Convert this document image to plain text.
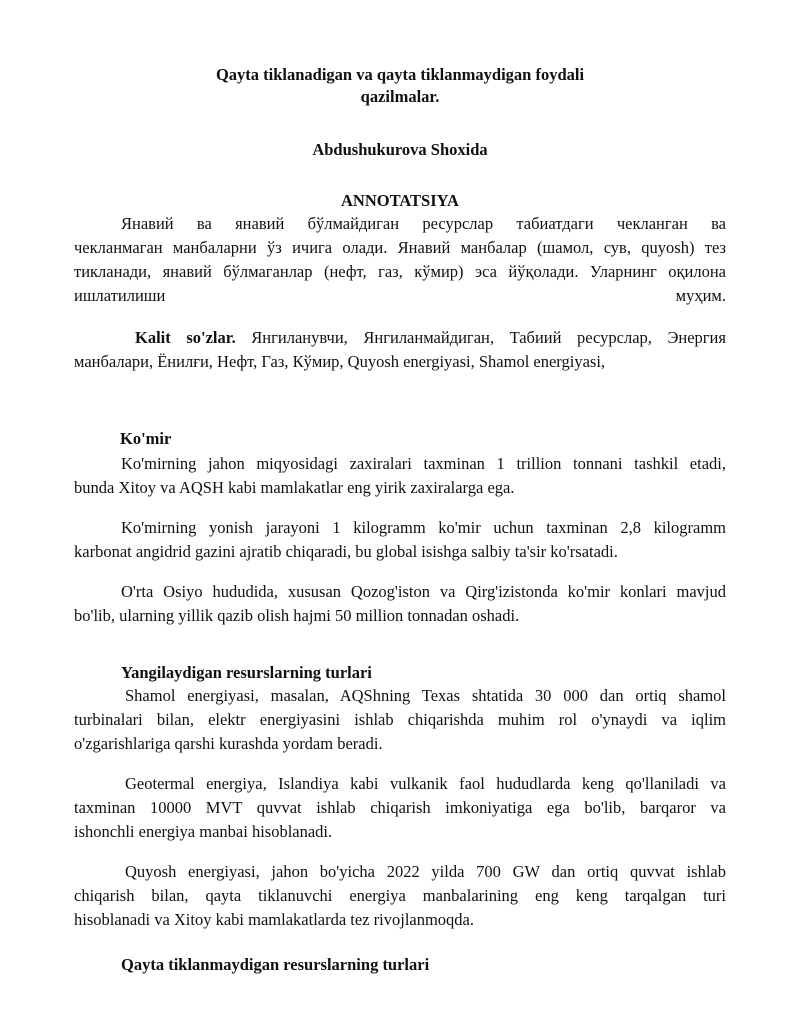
Qayta tiklanadigan va qayta tiklanmaydigan foydali
qazilmalar.
Abdushukurova Shoxida
ANNOTATSIYA
Янавий ва янавий бўлмайдиган ресурслар табиатдаги чекланган ва
чекланмаган манбаларни ўз ичига олади. Янавий манбалар (шамол, сув, quyosh) тез
тикланади, янавий бўлмаганлар (нефт, газ, кўмир) эса йўқолади. Уларнинг оқилона
ишлатилиши	муҳим.
Kalit so'zlar. Янгиланувчи, Янгиланмайдиган, Табиий ресурслар, Энергия
манбалари, Ёнилғи, Нефт, Газ, Кўмир, Quyosh energiyasi, Shamol energiyasi,
Ko'mir
Ko'mirning jahon miqyosidagi zaxiralari taxminan 1 trillion tonnani tashkil etadi,
bunda Xitoy va AQSH kabi mamlakatlar eng yirik zaxiralarga ega.
Ko'mirning yonish jarayoni 1 kilogramm ko'mir uchun taxminan 2,8 kilogramm
karbonat angidrid gazini ajratib chiqaradi, bu global isishga salbiy ta'sir ko'rsatadi.
O'rta Osiyo hududida, xususan Qozog'iston va Qirg'izistonda ko'mir konlari mavjud
bo'lib, ularning yillik qazib olish hajmi 50 million tonnadan oshadi.
Yangilaydigan resurslarning turlari
Shamol energiyasi, masalan, AQShning Texas shtatida 30 000 dan ortiq shamol
turbinalari bilan, elektr energiyasini ishlab chiqarishda muhim rol o'ynaydi va iqlim
o'zgarishlariga qarshi kurashda yordam beradi.
Geotermal energiya, Islandiya kabi vulkanik faol hududlarda keng qo'llaniladi va
taxminan 10000 MVT quvvat ishlab chiqarish imkoniyatiga ega bo'lib, barqaror va
ishonchli energiya manbai hisoblanadi.
Quyosh energiyasi, jahon bo'yicha 2022 yilda 700 GW dan ortiq quvvat ishlab
chiqarish bilan, qayta tiklanuvchi energiya manbalarining eng keng tarqalgan turi
hisoblanadi va Xitoy kabi mamlakatlarda tez rivojlanmoqda.
Qayta tiklanmaydigan resurslarning turlari
